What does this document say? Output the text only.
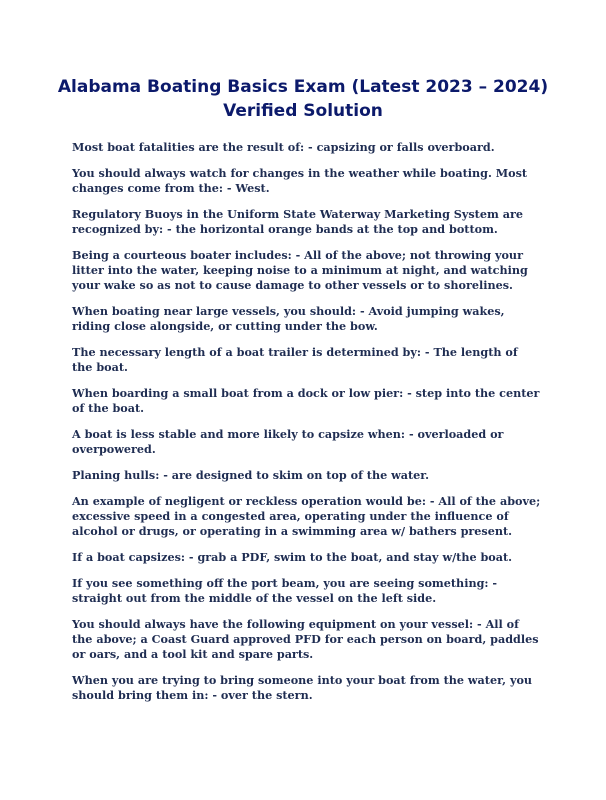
Alabama Boating Basics Exam (Latest 2023 – 2024)
Verified Solution
Most boat fatalities are the result of: - capsizing or falls overboard.
You should always watch for changes in the weather while boating. Most changes come from the: - West.
Regulatory Buoys in the Uniform State Waterway Marketing System are recognized by: - the horizontal orange bands at the top and bottom.
Being a courteous boater includes: - All of the above; not throwing your litter into the water, keeping noise to a minimum at night, and watching your wake so as not to cause damage to other vessels or to shorelines.
When boating near large vessels, you should: - Avoid jumping wakes, riding close alongside, or cutting under the bow.
The necessary length of a boat trailer is determined by: - The length of the boat.
When boarding a small boat from a dock or low pier: - step into the center of the boat.
A boat is less stable and more likely to capsize when: - overloaded or overpowered.
Planing hulls: - are designed to skim on top of the water.
An example of negligent or reckless operation would be: - All of the above; excessive speed in a congested area, operating under the influence of alcohol or drugs, or operating in a swimming area w/ bathers present.
If a boat capsizes: - grab a PDF, swim to the boat, and stay w/the boat.
If you see something off the port beam, you are seeing something: - straight out from the middle of the vessel on the left side.
You should always have the following equipment on your vessel: - All of the above; a Coast Guard approved PFD for each person on board, paddles or oars, and a tool kit and spare parts.
When you are trying to bring someone into your boat from the water, you should bring them in: - over the stern.
